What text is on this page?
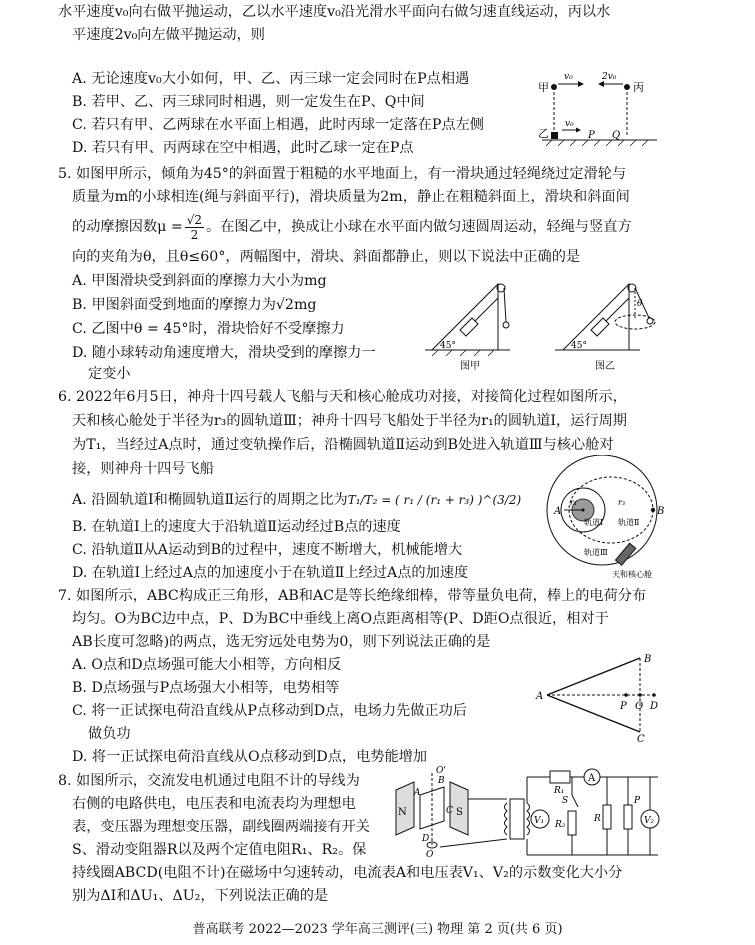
水平速度v₀向右做平抛运动，乙以水平速度v₀沿光滑水平面向右做匀速直线运动，丙以水
平速度2v₀向左做平抛运动，则
A. 无论速度v₀大小如何，甲、乙、丙三球一定会同时在P点相遇
B. 若甲、乙、丙三球同时相遇，则一定发生在P、Q中间
C. 若只有甲、乙两球在水平面上相遇，此时丙球一定落在P点左侧
D. 若只有甲、丙两球在空中相遇，此时乙球一定在P点
甲	丙
乙
v₀	2v₀
v₀
P Q
5. 如图甲所示，倾角为45°的斜面置于粗糙的水平地面上，有一滑块通过轻绳绕过定滑轮与
质量为m的小球相连(绳与斜面平行)，滑块质量为2m，静止在粗糙斜面上，滑块和斜面间
的动摩擦因数$\mu = \frac{√2}{2}$ 。在图乙中，换成让小球在水平面内做匀速圆周运动，轻绳与竖直方
向的夹角为θ，且θ≤60°，两幅图中，滑块、斜面都静止，则以下说法中正确的是
A. 甲图滑块受到斜面的摩擦力大小为mg
B. 甲图斜面受到地面的摩擦力为√2mg
C. 乙图中θ = 45°时，滑块恰好不受摩擦力
D. 随小球转动角速度增大，滑块受到的摩擦力一
定变小
45°
图甲
θ
45°
图乙
6. 2022年6月5日，神舟十四号载人飞船与天和核心舱成功对接，对接简化过程如图所示，
天和核心舱处于半径为r₃的圆轨道Ⅲ；神舟十四号飞船处于半径为r₁的圆轨道Ⅰ，运行周期
为T₁，当经过A点时，通过变轨操作后，沿椭圆轨道Ⅱ运动到B处进入轨道Ⅲ与核心舱对
接，则神舟十四号飞船
A. 沿圆轨道Ⅰ和椭圆轨道Ⅱ运行的周期之比为T₁/T₂ = ( r₁ / (r₁ + r₃) )^(3/2)
B. 在轨道Ⅰ上的速度大于沿轨道Ⅱ运动经过B点的速度
C. 沿轨道Ⅱ从A运动到B的过程中，速度不断增大，机械能增大
D. 在轨道Ⅰ上经过A点的加速度小于在轨道Ⅱ上经过A点的加速度
A	B
r₁	r₃
轨道Ⅰ 轨道Ⅱ
轨道Ⅲ
天和核心舱
7. 如图所示，ABC构成正三角形，AB和AC是等长绝缘细棒，带等量负电荷，棒上的电荷分布
均匀。O为BC边中点，P、D为BC中垂线上离O点距离相等(P、D距O点很近，相对于
AB长度可忽略)的两点，选无穷远处电势为0，则下列说法正确的是
A. O点和D点场强可能大小相等，方向相反
B. D点场强与P点场强大小相等，电势相等
C. 将一正试探电荷沿直线从P点移动到D点，电场力先做正功后
做负功
D. 将一正试探电荷沿直线从O点移动到D点，电势能增加
A
B
C
P O D
8. 如图所示，交流发电机通过电阻不计的导线为
右侧的电路供电，电压表和电流表均为理想电
表，变压器为理想变压器，副线圈两端接有开关
S、滑动变阻器R以及两个定值电阻R₁、R₂。保
持线圈ABCD(电阻不计)在磁场中匀速转动，电流表A和电压表V₁、V₂的示数变化大小分
别为ΔI和ΔU₁、ΔU₂，下列说法正确的是
N	S
A
B
C
D
O
O'
V₁
R₁
A
S
R₂
R
P
V₂
普高联考 2022—2023 学年高三测评(三) 物理 第 2 页(共 6 页)
